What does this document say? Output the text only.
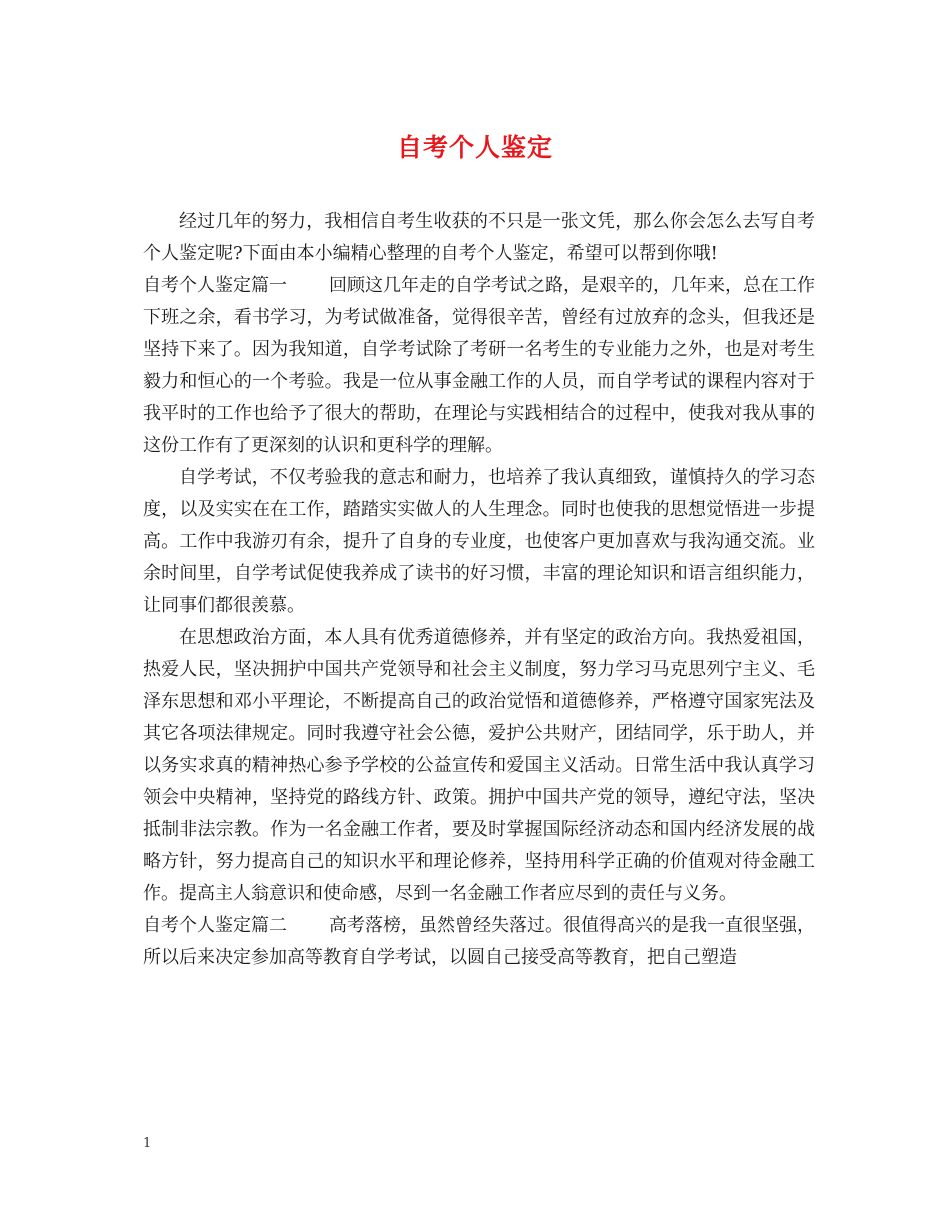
自考个人鉴定

经过几年的努力，我相信自考生收获的不只是一张文凭，那么你会怎么去写自考个人鉴定呢?下面由本小编精心整理的自考个人鉴定，希望可以帮到你哦!

自考个人鉴定篇一 回顾这几年走的自学考试之路，是艰辛的，几年来，总在工作下班之余，看书学习，为考试做准备，觉得很辛苦，曾经有过放弃的念头，但我还是坚持下来了。因为我知道，自学考试除了考研一名考生的专业能力之外，也是对考生毅力和恒心的一个考验。我是一位从事金融工作的人员，而自学考试的课程内容对于我平时的工作也给予了很大的帮助，在理论与实践相结合的过程中，使我对我从事的这份工作有了更深刻的认识和更科学的理解。

自学考试，不仅考验我的意志和耐力，也培养了我认真细致，谨慎持久的学习态度，以及实实在在工作，踏踏实实做人的人生理念。同时也使我的思想觉悟进一步提高。工作中我游刃有余，提升了自身的专业度，也使客户更加喜欢与我沟通交流。业余时间里，自学考试促使我养成了读书的好习惯，丰富的理论知识和语言组织能力，让同事们都很羡慕。

在思想政治方面，本人具有优秀道德修养，并有坚定的政治方向。我热爱祖国，热爱人民，坚决拥护中国共产党领导和社会主义制度，努力学习马克思列宁主义、毛泽东思想和邓小平理论，不断提高自己的政治觉悟和道德修养，严格遵守国家宪法及其它各项法律规定。同时我遵守社会公德，爱护公共财产，团结同学，乐于助人，并以务实求真的精神热心参予学校的公益宣传和爱国主义活动。日常生活中我认真学习领会中央精神，坚持党的路线方针、政策。拥护中国共产党的领导，遵纪守法，坚决抵制非法宗教。作为一名金融工作者，要及时掌握国际经济动态和国内经济发展的战略方针，努力提高自己的知识水平和理论修养，坚持用科学正确的价值观对待金融工作。提高主人翁意识和使命感，尽到一名金融工作者应尽到的责任与义务。

自考个人鉴定篇二 高考落榜，虽然曾经失落过。很值得高兴的是我一直很坚强，所以后来决定参加高等教育自学考试，以圆自己接受高等教育，把自己塑造

1
